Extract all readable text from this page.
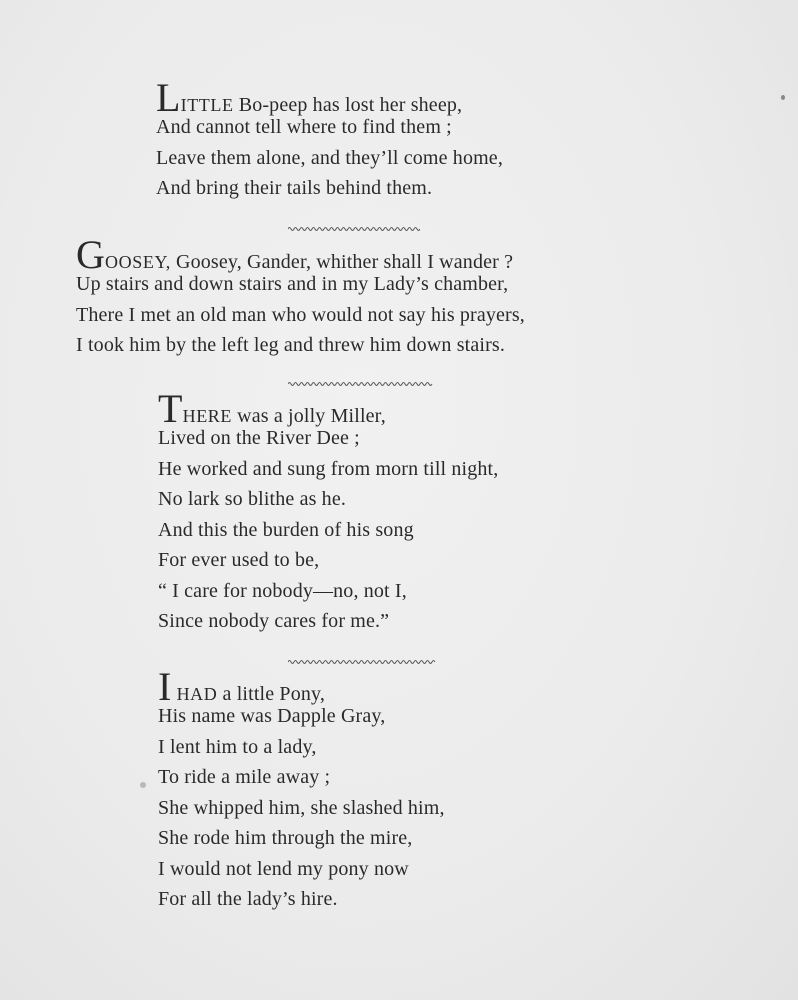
LITTLE Bo-peep has lost her sheep,
And cannot tell where to find them ;
Leave them alone, and they’ll come home,
And bring their tails behind them.
GOOSEY, Goosey, Gander, whither shall I wander ?
Up stairs and down stairs and in my Lady’s chamber,
There I met an old man who would not say his prayers,
I took him by the left leg and threw him down stairs.
THERE was a jolly Miller,
Lived on the River Dee ;
He worked and sung from morn till night,
No lark so blithe as he.
And this the burden of his song
For ever used to be,
“ I care for nobody—no, not I,
Since nobody cares for me.”
I HAD a little Pony,
His name was Dapple Gray,
I lent him to a lady,
To ride a mile away ;
She whipped him, she slashed him,
She rode him through the mire,
I would not lend my pony now
For all the lady’s hire.
